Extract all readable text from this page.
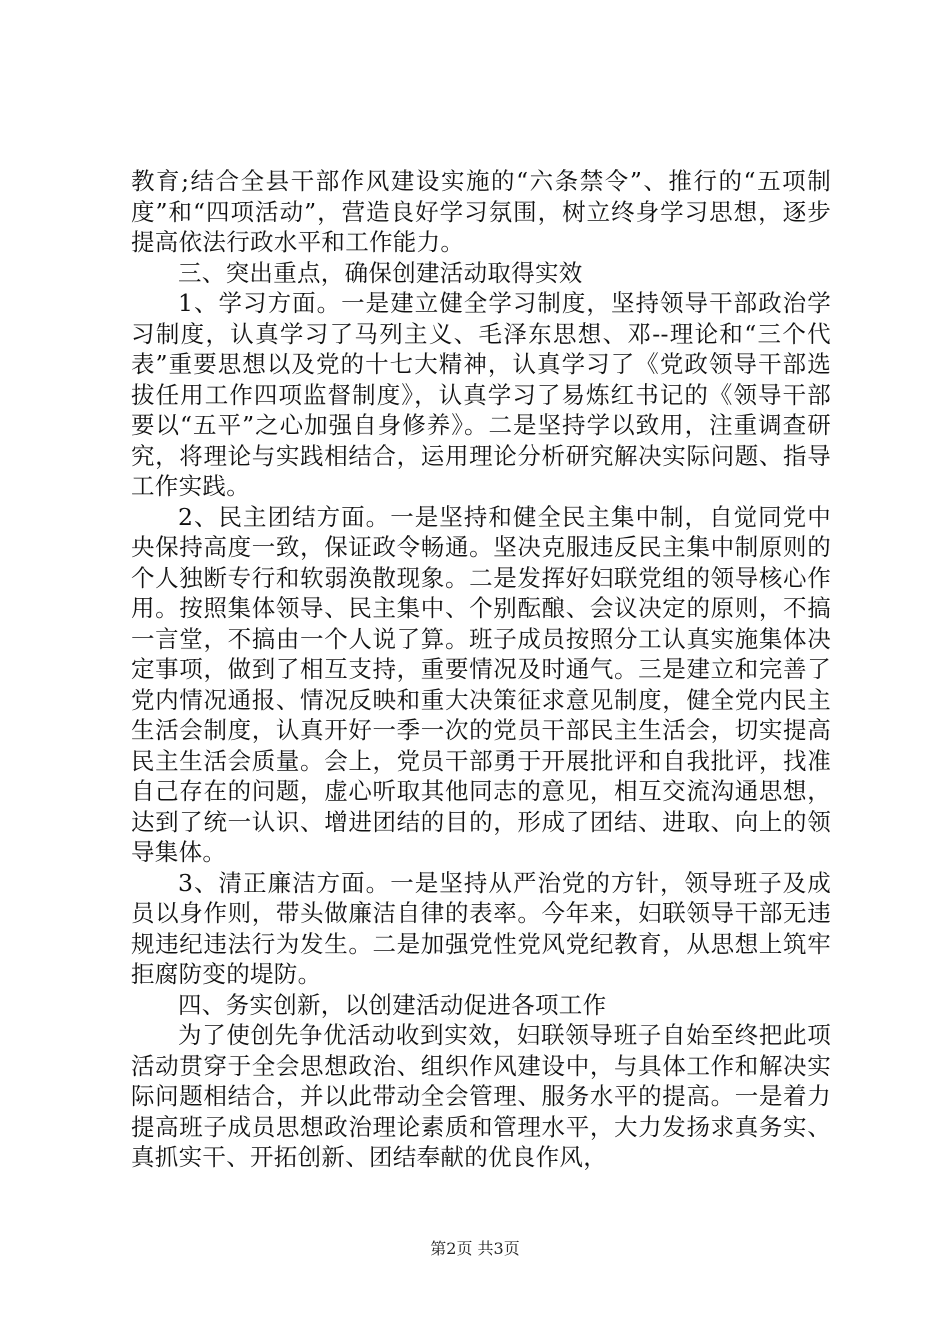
教育;结合全县干部作风建设实施的“六条禁令”、推行的“五项制度”和“四项活动”，营造良好学习氛围，树立终身学习思想，逐步提高依法行政水平和工作能力。

三、突出重点，确保创建活动取得实效

1、学习方面。一是建立健全学习制度，坚持领导干部政治学习制度，认真学习了马列主义、毛泽东思想、邓--理论和“三个代表”重要思想以及党的十七大精神，认真学习了《党政领导干部选拔任用工作四项监督制度》，认真学习了易炼红书记的《领导干部要以“五平”之心加强自身修养》。二是坚持学以致用，注重调查研究，将理论与实践相结合，运用理论分析研究解决实际问题、指导工作实践。

2、民主团结方面。一是坚持和健全民主集中制，自觉同党中央保持高度一致，保证政令畅通。坚决克服违反民主集中制原则的个人独断专行和软弱涣散现象。二是发挥好妇联党组的领导核心作用。按照集体领导、民主集中、个别酝酿、会议决定的原则，不搞一言堂，不搞由一个人说了算。班子成员按照分工认真实施集体决定事项，做到了相互支持，重要情况及时通气。三是建立和完善了党内情况通报、情况反映和重大决策征求意见制度，健全党内民主生活会制度，认真开好一季一次的党员干部民主生活会，切实提高民主生活会质量。会上，党员干部勇于开展批评和自我批评，找准自己存在的问题，虚心听取其他同志的意见，相互交流沟通思想，达到了统一认识、增进团结的目的，形成了团结、进取、向上的领导集体。

3、清正廉洁方面。一是坚持从严治党的方针，领导班子及成员以身作则，带头做廉洁自律的表率。今年来，妇联领导干部无违规违纪违法行为发生。二是加强党性党风党纪教育，从思想上筑牢拒腐防变的堤防。

四、务实创新，以创建活动促进各项工作

为了使创先争优活动收到实效，妇联领导班子自始至终把此项活动贯穿于全会思想政治、组织作风建设中，与具体工作和解决实际问题相结合，并以此带动全会管理、服务水平的提高。一是着力提高班子成员思想政治理论素质和管理水平，大力发扬求真务实、真抓实干、开拓创新、团结奉献的优良作风，

第2页 共3页
